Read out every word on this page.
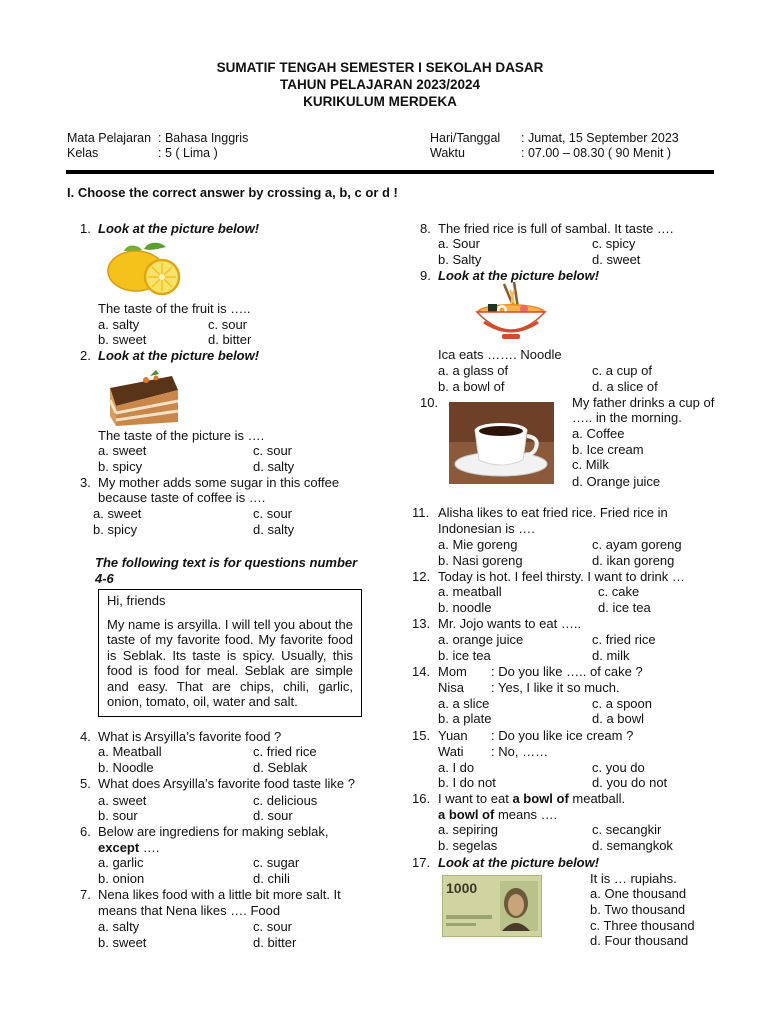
SUMATIF TENGAH SEMESTER I SEKOLAH DASAR
TAHUN PELAJARAN 2023/2024
KURIKULUM MERDEKA
Mata Pelajaran : Bahasa Inggris
Kelas	: 5 ( Lima )
Hari/Tanggal : Jumat, 15 September 2023
Waktu	: 07.00 – 08.30 ( 90 Menit )
I. Choose the correct answer by crossing a, b, c or d !
1. Look at the picture below!
The taste of the fruit is …..
a. salty	c. sour
b. sweet	d. bitter
2. Look at the picture below!
The taste of the picture is ….
a. sweet	c. sour
b. spicy	d. salty
3. My mother adds some sugar in this coffee
because taste of coffee is ….
a. sweet	c. sour
b. spicy	d. salty
The following text is for questions number
4-6

Hi, friends

My name is arsyilla. I will tell you about the taste of my favorite food. My favorite food is Seblak. Its taste is spicy. Usually, this food is food for meal. Seblak are simple and easy. That are chips, chili, garlic, onion, tomato, oil, water and salt.

4. What is Arsyilla’s favorite food ?
a. Meatball	c. fried rice
b. Noodle	d. Seblak
5. What does Arsyilla’s favorite food taste like ?
a. sweet	c. delicious
b. sour	d. sour
6. Below are ingrediens for making seblak,
except ….
a. garlic	c. sugar
b. onion	d. chili
7. Nena likes food with a little bit more salt. It
means that Nena likes …. Food
a. salty	c. sour
b. sweet	d. bitter
8. The fried rice is full of sambal. It taste ….
a. Sour	c. spicy
b. Salty	d. sweet
9. Look at the picture below!
Ica eats ……. Noodle
a. a glass of	c. a cup of
b. a bowl of	d. a slice of
10.	My father drinks a cup of
….. in the morning.
a. Coffee
b. Ice cream
c. Milk
d. Orange juice
11. Alisha likes to eat fried rice. Fried rice in
Indonesian is ….
a. Mie goreng	c. ayam goreng
b. Nasi goreng	d. ikan goreng
12. Today is hot. I feel thirsty. I want to drink …
a. meatball	c. cake
b. noodle	d. ice tea
13. Mr. Jojo wants to eat …..
a. orange juice	c. fried rice
b. ice tea	d. milk
14. Mom : Do you like ….. of cake ?
Nisa : Yes, I like it so much.
a. a slice	c. a spoon
b. a plate	d. a bowl
15. Yuan : Do you like ice cream ?
Wati : No, ……
a. I do	c. you do
b. I do not	d. you do not
16. I want to eat a bowl of meatball.
a bowl of means ….
a. sepiring	c. secangkir
b. segelas	d. semangkok
17. Look at the picture below!
1000
It is … rupiahs.
a. One thousand
b. Two thousand
c. Three thousand
d. Four thousand
